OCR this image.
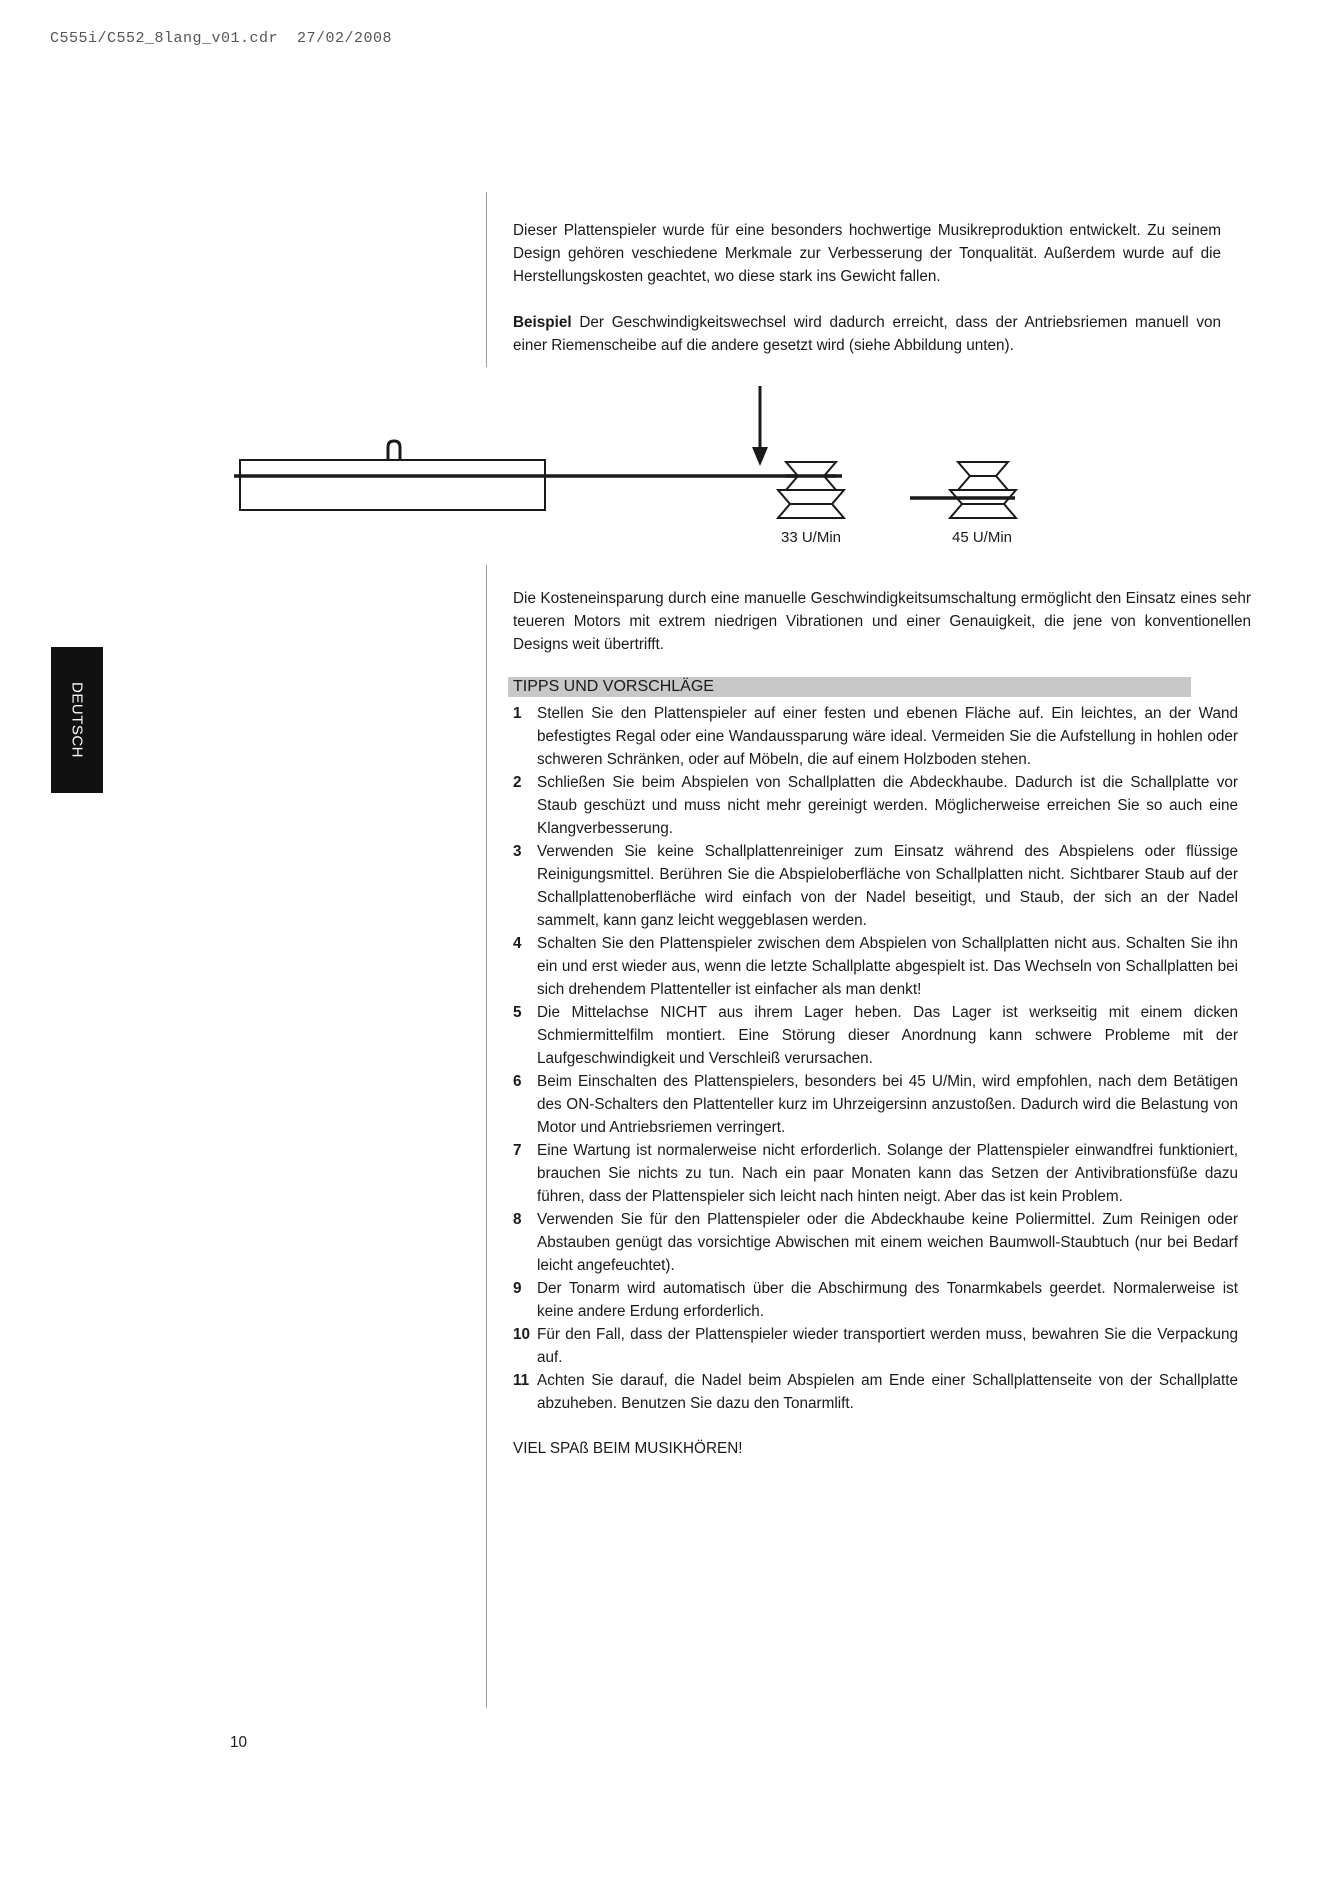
C555i/C552_8lang_v01.cdr  27/02/2008

Dieser Plattenspieler wurde für eine besonders hochwertige Musikreproduktion entwickelt. Zu seinem Design gehören veschiedene Merkmale zur Verbesserung der Tonqualität. Außerdem wurde auf die Herstellungskosten geachtet, wo diese stark ins Gewicht fallen.

Beispiel Der Geschwindigkeitswechsel wird dadurch erreicht, dass der Antriebsriemen manuell von einer Riemenscheibe auf die andere gesetzt wird (siehe Abbildung unten).

33 U/Min	45 U/Min

Die Kosteneinsparung durch eine manuelle Geschwindigkeitsumschaltung ermöglicht den Einsatz eines sehr teueren Motors mit extrem niedrigen Vibrationen und einer Genauigkeit, die jene von konventionellen Designs weit übertrifft.

TIPPS UND VORSCHLÄGE
1 Stellen Sie den Plattenspieler auf einer festen und ebenen Fläche auf. Ein leichtes, an der Wand befestigtes Regal oder eine Wandaussparung wäre ideal. Vermeiden Sie die Aufstellung in hohlen oder schweren Schränken, oder auf Möbeln, die auf einem Holzboden stehen.
2 Schließen Sie beim Abspielen von Schallplatten die Abdeckhaube. Dadurch ist die Schallplatte vor Staub geschüzt und muss nicht mehr gereinigt werden. Möglicherweise erreichen Sie so auch eine Klangverbesserung.
3 Verwenden Sie keine Schallplattenreiniger zum Einsatz während des Abspielens oder flüssige Reinigungsmittel. Berühren Sie die Abspieloberfläche von Schallplatten nicht. Sichtbarer Staub auf der Schallplattenoberfläche wird einfach von der Nadel beseitigt, und Staub, der sich an der Nadel sammelt, kann ganz leicht weggeblasen werden.
4 Schalten Sie den Plattenspieler zwischen dem Abspielen von Schallplatten nicht aus. Schalten Sie ihn ein und erst wieder aus, wenn die letzte Schallplatte abgespielt ist. Das Wechseln von Schallplatten bei sich drehendem Plattenteller ist einfacher als man denkt!
5 Die Mittelachse NICHT aus ihrem Lager heben. Das Lager ist werkseitig mit einem dicken Schmiermittelfilm montiert. Eine Störung dieser Anordnung kann schwere Probleme mit der Laufgeschwindigkeit und Verschleiß verursachen.
6 Beim Einschalten des Plattenspielers, besonders bei 45 U/Min, wird empfohlen, nach dem Betätigen des ON-Schalters den Plattenteller kurz im Uhrzeigersinn anzustoßen. Dadurch wird die Belastung von Motor und Antriebsriemen verringert.
7 Eine Wartung ist normalerweise nicht erforderlich. Solange der Plattenspieler einwandfrei funktioniert, brauchen Sie nichts zu tun. Nach ein paar Monaten kann das Setzen der Antivibrationsfüße dazu führen, dass der Plattenspieler sich leicht nach hinten neigt. Aber das ist kein Problem.
8 Verwenden Sie für den Plattenspieler oder die Abdeckhaube keine Poliermittel. Zum Reinigen oder Abstauben genügt das vorsichtige Abwischen mit einem weichen Baumwoll-Staubtuch (nur bei Bedarf leicht angefeuchtet).
9 Der Tonarm wird automatisch über die Abschirmung des Tonarmkabels geerdet. Normalerweise ist keine andere Erdung erforderlich.
10 Für den Fall, dass der Plattenspieler wieder transportiert werden muss, bewahren Sie die Verpackung auf.
11 Achten Sie darauf, die Nadel beim Abspielen am Ende einer Schallplattenseite von der Schallplatte abzuheben. Benutzen Sie dazu den Tonarmlift.
VIEL SPAß BEIM MUSIKHÖREN!
DEUTSCH
10
